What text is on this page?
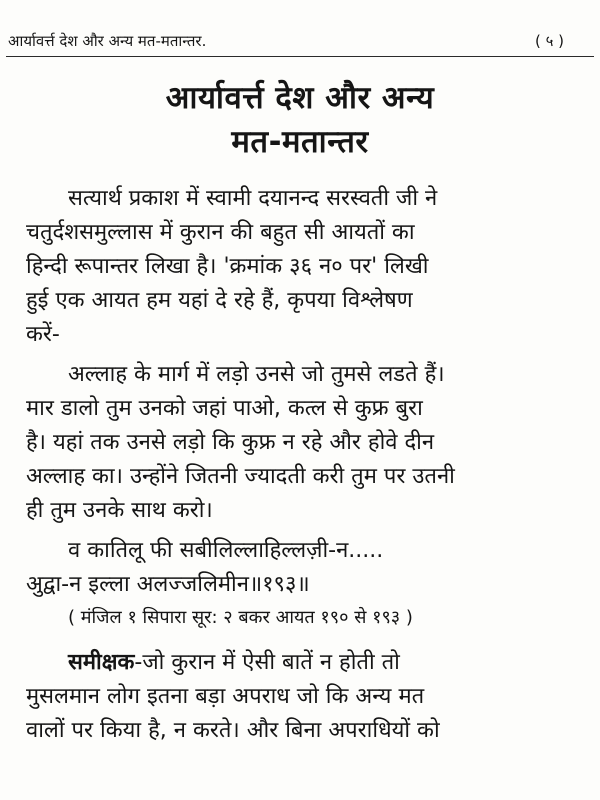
आर्यावर्त्त देश और अन्य मत-मतान्तर.	( ५ )
आर्यावर्त्त देश और अन्य
मत-मतान्तर
सत्यार्थ प्रकाश में स्वामी दयानन्द सरस्वती जी ने
चतुर्दशसमुल्लास में कुरान की बहुत सी आयतों का
हिन्दी रूपान्तर लिखा है। 'क्रमांक ३६ न० पर' लिखी
हुई एक आयत हम यहां दे रहे हैं, कृपया विश्लेषण
करें-
अल्लाह के मार्ग में लड़ो उनसे जो तुमसे लडते हैं।
मार डालो तुम उनको जहां पाओ, कत्ल से कुफ्र बुरा
है। यहां तक उनसे लड़ो कि कुफ्र न रहे और होवे दीन
अल्लाह का। उन्होंने जितनी ज्यादती करी तुम पर उतनी
ही तुम उनके साथ करो।
व कातिलू फी सबीलिल्लाहिल्लज़ी-न.....
अुद्वा-न इल्ला अलज्जलिमीन॥१९३॥
( मंजिल १ सिपारा सूर: २ बकर आयत १९० से १९३ )
समीक्षक-जो कुरान में ऐसी बातें न होती तो
मुसलमान लोग इतना बड़ा अपराध जो कि अन्य मत
वालों पर किया है, न करते। और बिना अपराधियों को
